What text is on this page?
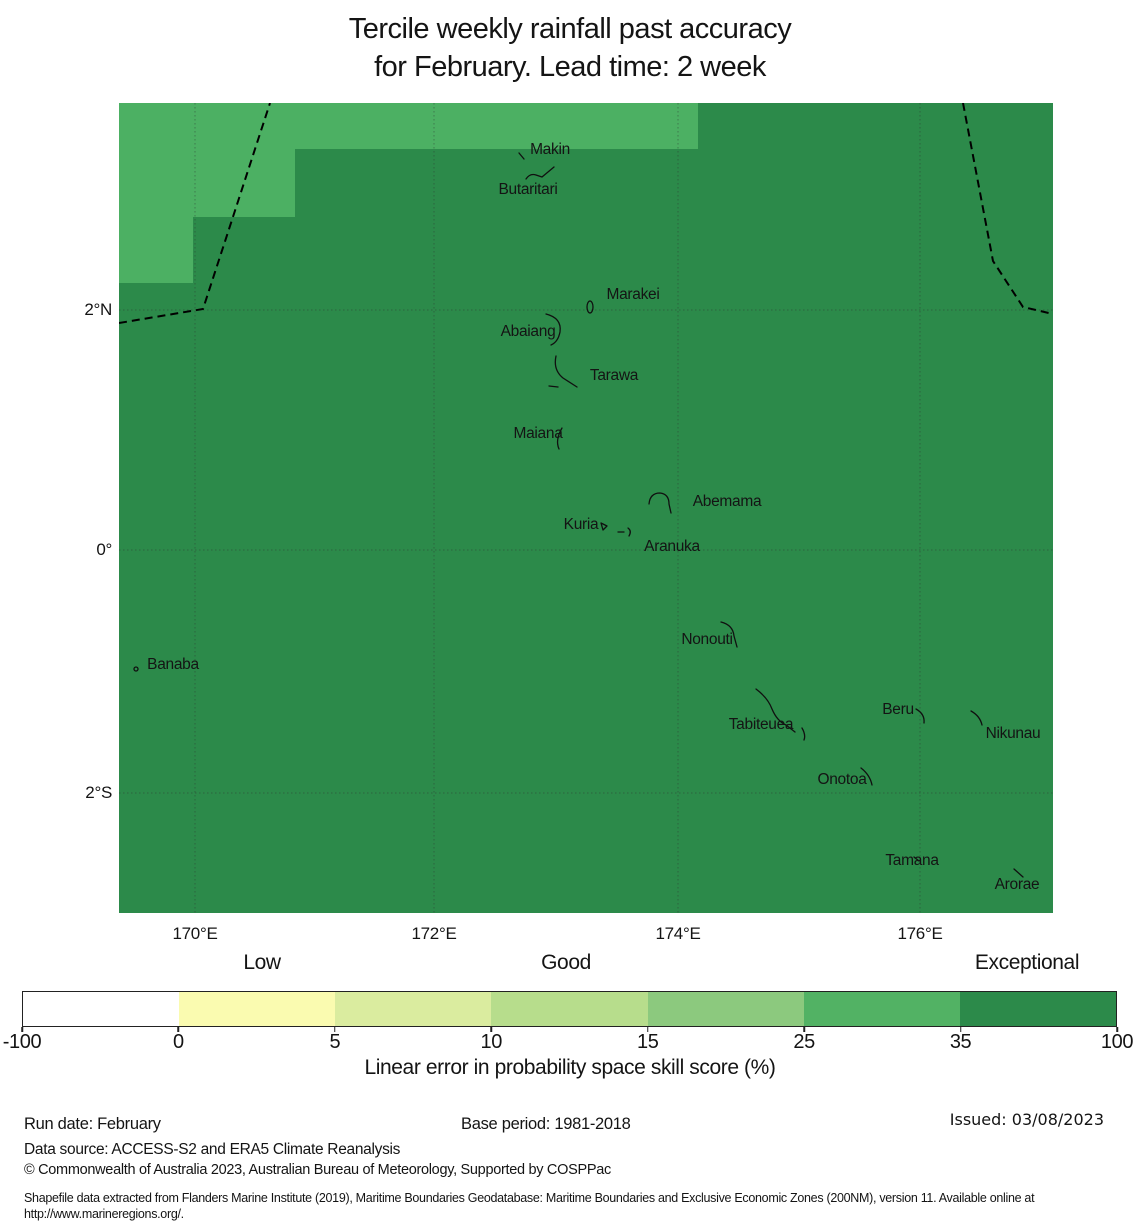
Tercile weekly rainfall past accuracy
for February. Lead time: 2 week
Makin
Butaritari
Marakei
Abaiang
Tarawa
Maiana
Abemama
Kuria
Aranuka
Nonouti
Banaba
Tabiteuea
Beru
Nikunau
Onotoa
Tamana
Arorae
170°E	172°E	174°E	176°E
2°N
0°
2°S
Low	Good	Exceptional
-100	0	5	10	15	25	35	100
Linear error in probability space skill score (%)
Run date: February	Base period: 1981-2018	Issued: 03/08/2023
Data source: ACCESS-S2 and ERA5 Climate Reanalysis
© Commonwealth of Australia 2023, Australian Bureau of Meteorology, Supported by COSPPac
Shapefile data extracted from Flanders Marine Institute (2019), Maritime Boundaries Geodatabase: Maritime Boundaries and Exclusive Economic Zones (200NM), version 11. Available online at http://www.marineregions.org/.
